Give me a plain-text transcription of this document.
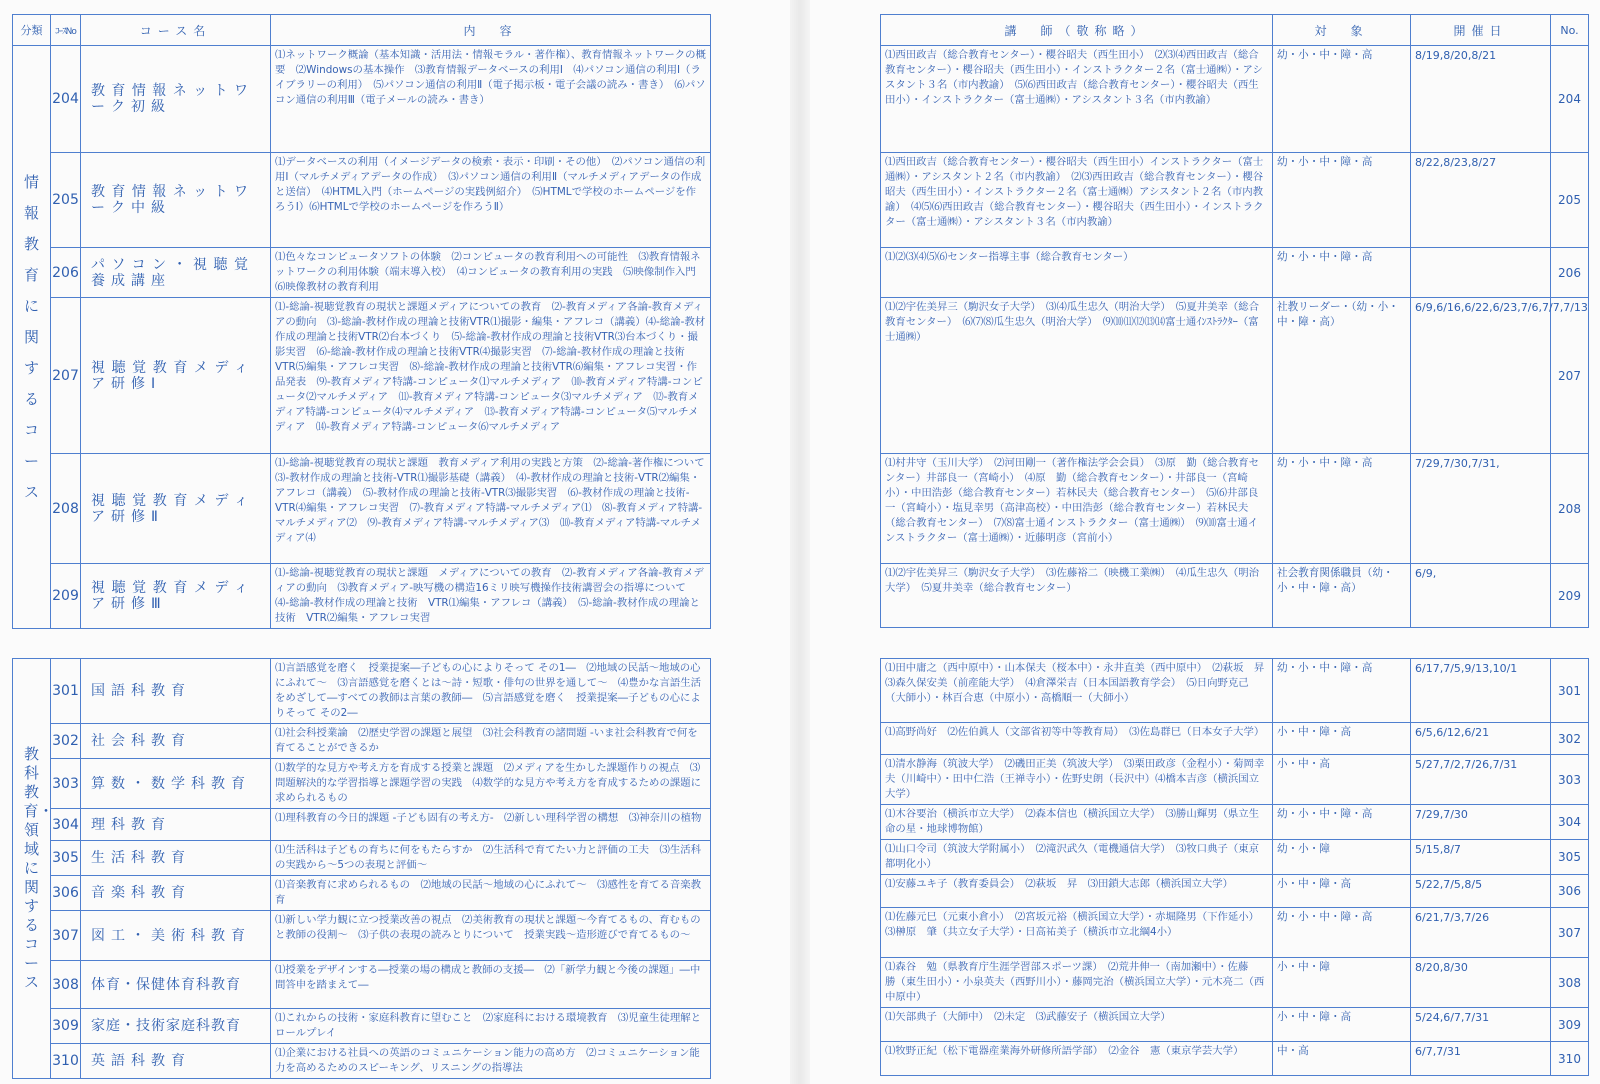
分類	ｺｰｽNo	コース名	内　容

情報教育に関するコース	204	教育情報ネットワーク初級	⑴ネットワーク概論（基本知識・活用法・情報モラル・著作権）、教育情報ネットワークの概要　⑵Windowsの基本操作　⑶教育情報データベースの利用Ⅰ　⑷パソコン通信の利用Ⅰ（ライブラリーの利用）　⑸パソコン通信の利用Ⅱ（電子掲示板・電子会議の読み・書き）　⑹パソコン通信の利用Ⅲ（電子メールの読み・書き）
	205	教育情報ネットワーク中級	⑴データベースの利用（イメージデータの検索・表示・印刷・その他）　⑵パソコン通信の利用Ⅰ（マルチメディアデータの作成）　⑶パソコン通信の利用Ⅱ（マルチメディアデータの作成と送信）　⑷HTML入門（ホームページの実践例紹介）　⑸HTMLで学校のホームページを作ろうⅠ）⑹HTMLで学校のホームページを作ろうⅡ）
	206	パソコン・視聴覚養成講座	⑴色々なコンピュータソフトの体験　⑵コンピュータの教育利用への可能性　⑶教育情報ネットワークの利用体験（端末導入校）　⑷コンピュータの教育利用の実践　⑸映像制作入門　⑹映像教材の教育利用
	207	視聴覚教育メディア研修Ⅰ	⑴-総論-視聴覚教育の現状と課題メディアについての教育　⑵-教育メディア各論-教育メディアの動向　⑶-総論-教材作成の理論と技術VTR⑴撮影・編集・アフレコ（講義）⑷-総論-教材作成の理論と技術VTR⑵台本づくり　⑸-総論-教材作成の理論と技術VTR⑶台本づくり・撮影実習　⑹-総論-教材作成の理論と技術VTR⑷撮影実習　⑺-総論-教材作成の理論と技術VTR⑸編集・アフレコ実習　⑻-総論-教材作成の理論と技術VTR⑹編集・アフレコ実習・作品発表　⑼-教育メディア特講-コンピュータ⑴マルチメディア　⑽-教育メディア特講-コンピュータ⑵マルチメディア　⑾-教育メディア特講-コンピュータ⑶マルチメディア　⑿-教育メディア特講-コンピュータ⑷マルチメディア　⒀-教育メディア特講-コンピュータ⑸マルチメディア　⒁-教育メディア特講-コンピュータ⑹マルチメディア
	208	視聴覚教育メディア研修Ⅱ	⑴-総論-視聴覚教育の現状と課題　教育メディア利用の実践と方策　⑵-総論-著作権について　⑶-教材作成の理論と技術-VTR⑴撮影基礎（講義）　⑷-教材作成の理論と技術-VTR⑵編集・アフレコ（講義）　⑸-教材作成の理論と技術-VTR⑶撮影実習　⑹-教材作成の理論と技術-VTR⑷編集・アフレコ実習　⑺-教育メディア特講-マルチメディア⑴　⑻-教育メディア特講-マルチメディア⑵　⑼-教育メディア特講-マルチメディア⑶　⑽-教育メディア特講-マルチメディア⑷
	209	視聴覚教育メディア研修Ⅲ	⑴-総論-視聴覚教育の現状と課題　メディアについての教育　⑵-教育メディア各論-教育メディアの動向　⑶教育メディア-映写機の構造16ミリ映写機操作技術講習会の指導について　⑷-総論-教材作成の理論と技術　VTR⑴編集・アフレコ（講義）　⑸-総論-教材作成の理論と技術　VTR⑵編集・アフレコ実習
教科教育・領域に関するコース	301	国語科教育	⑴言語感覚を磨く　授業提案―子どもの心によりそって その1―　⑵地域の民話～地域の心にふれて～　⑶言語感覚を磨くとは～詩・短歌・俳句の世界を通して～　⑷豊かな言語生活をめざして―すべての教師は言葉の教師―　⑸言語感覚を磨く　授業提案―子どもの心によりそって その2―
	302	社会科教育	⑴社会科授業論　⑵歴史学習の課題と展望　⑶社会科教育の諸問題 -いま社会科教育で何を育てることができるか
	303	算数・数学科教育	⑴数学的な見方や考え方を育成する授業と課題　⑵メディアを生かした課題作りの視点　⑶問題解決的な学習指導と課題学習の実践　⑷数学的な見方や考え方を育成するための課題に求められるもの
	304	理科教育	⑴理科教育の今日的課題 -子ども固有の考え方-　⑵新しい理科学習の構想　⑶神奈川の植物
	305	生活科教育	⑴生活科は子どもの育ちに何をもたらすか　⑵生活科で育てたい力と評価の工夫　⑶生活科の実践から～5つの表現と評価～
	306	音楽科教育	⑴音楽教育に求められるもの　⑵地域の民話～地域の心にふれて～　⑶感性を育てる音楽教育
	307	図工・美術科教育	⑴新しい学力観に立つ授業改善の視点　⑵美術教育の現状と課題～今育てるもの、育むものと教師の役割～　⑶子供の表現の読みとりについて　授業実践～造形遊びで育てるもの～
	308	体育・保健体育科教育	⑴授業をデザインする―授業の場の構成と教師の支援―　⑵「新学力観と今後の課題」―中間答申を踏まえて―
	309	家庭・技術家庭科教育	⑴これからの技術・家庭科教育に望むこと　⑵家庭科における環境教育　⑶児童生徒理解とロールプレイ
	310	英語科教育	⑴企業における社員への英語のコミュニケーション能力の高め方　⑵コミュニケーション能力を高めるためのスピーキング、リスニングの指導法
講　師（敬称略）	対　象	開催日	No.
⑴西田政吉（総合教育センター）・櫻谷昭夫（西生田小）　⑵⑶⑷西田政吉（総合教育センター）・櫻谷昭夫（西生田小）・インストラクター２名（富士通㈱）・アシスタント３名（市内教諭）　⑸⑹西田政吉（総合教育センター）・櫻谷昭夫（西生田小）・インストラクター（富士通㈱）・アシスタント３名（市内教諭）	幼・小・中・障・高	8/19,8/20,8/21	204
⑴西田政吉（総合教育センター）・櫻谷昭夫（西生田小）インストラクター（富士通㈱）・アシスタント２名（市内教諭）　⑵⑶西田政吉（総合教育センター）・櫻谷昭夫（西生田小）・インストラクター２名（富士通㈱）アシスタント２名（市内教諭）　⑷⑸⑹西田政吉（総合教育センター）・櫻谷昭夫（西生田小）・インストラクター（富士通㈱）・アシスタント３名（市内教諭）	幼・小・中・障・高	8/22,8/23,8/27	205
⑴⑵⑶⑷⑸⑹センター指導主事（総合教育センター）	幼・小・中・障・高		206
⑴⑵宇佐美昇三（駒沢女子大学）　⑶⑷瓜生忠久（明治大学）　⑸夏井美幸（総合教育センター）　⑹⑺⑻瓜生忠久（明治大学）　⑼⑽⑾⑿⒀⒁富士通ｲﾝｽﾄﾗｸﾀｰ（富士通㈱）	社教リーダー・（幼・小・中・障・高）	6/9,6/16,6/22,6/23,7/6,7/7,7/13	207
⑴村井守（玉川大学）　⑵河田剛一（著作権法学会会員）　⑶原　勤（総合教育センター）井部良一（宮崎小）　⑷原　勤（総合教育センター）・井部良一（宮崎小）・中田浩彭（総合教育センター）若林民夫（総合教育センター）　⑸⑹井部良一（宮崎小）・塩見幸男（高津高校）・中田浩彭（総合教育センター）若林民夫（総合教育センター）　⑺⑻富士通インストラクター（富士通㈱）　⑼⑽富士通インストラクター（富士通㈱）・近藤明彦（宮前小）	幼・小・中・障・高	7/29,7/30,7/31,	208
⑴⑵宇佐美昇三（駒沢女子大学）　⑶佐藤裕二（映機工業㈱）　⑷瓜生忠久（明治大学）　⑸夏井美幸（総合教育センター）	社会教育関係職員（幼・小・中・障・高）	6/9,	209
⑴田中庸之（西中原中）・山本保夫（桜本中）・永井直美（西中原中）　⑵萩坂　昇　⑶森久保安美（前産能大学）　⑷倉澤栄吉（日本国語教育学会）　⑸日向野克己（大師小）・林百合恵（中原小）・高橋順一（大師小）	幼・小・中・障・高	6/17,7/5,9/13,10/1	301
⑴高野尚好　⑵佐伯眞人（文部省初等中等教育局）　⑶佐島群巳（日本女子大学）	小・中・障・高	6/5,6/12,6/21	302
⑴清水静海（筑波大学）　⑵磯田正美（筑波大学）　⑶栗田政彦（金程小）・菊岡幸夫（川崎中）・田中仁浩（王禅寺小）・佐野史朗（長沢中）⑷橋本吉彦（横浜国立大学）	小・中・高	5/27,7/2,7/26,7/31	303
⑴木谷要治（横浜市立大学）　⑵森本信也（横浜国立大学）　⑶勝山輝男（県立生命の星・地球博物館）	幼・小・中・障・高	7/29,7/30	304
⑴山口令司（筑波大学附属小）　⑵滝沢武久（電機通信大学）　⑶牧口典子（東京都明化小）	幼・小・障	5/15,8/7	305
⑴安藤ユキ子（教育委員会）　⑵萩坂　昇　⑶田鎖大志郎（横浜国立大学）	小・中・障・高	5/22,7/5,8/5	306
⑴佐藤元巳（元東小倉小）　⑵宮坂元裕（横浜国立大学）・赤堀隆男（下作延小）　⑶榊原　肇（共立女子大学）・日高祐美子（横浜市立北綱4小）	幼・小・中・障・高	6/21,7/3,7/26	307
⑴森谷　勉（県教育庁生涯学習部スポーツ課）　⑵荒井伸一（南加瀬中）・佐藤　勝（東生田小）・小泉英夫（西野川小）・藤岡完治（横浜国立大学）・元木亮二（西中原中）	小・中・障	8/20,8/30	308
⑴矢部典子（大師中）　⑵未定　⑶武藤安子（横浜国立大学）	小・中・障・高	5/24,6/7,7/31	309
⑴牧野正紀（松下電器産業海外研修所語学部）　⑵金谷　憲（東京学芸大学）	中・高	6/7,7/31	310
